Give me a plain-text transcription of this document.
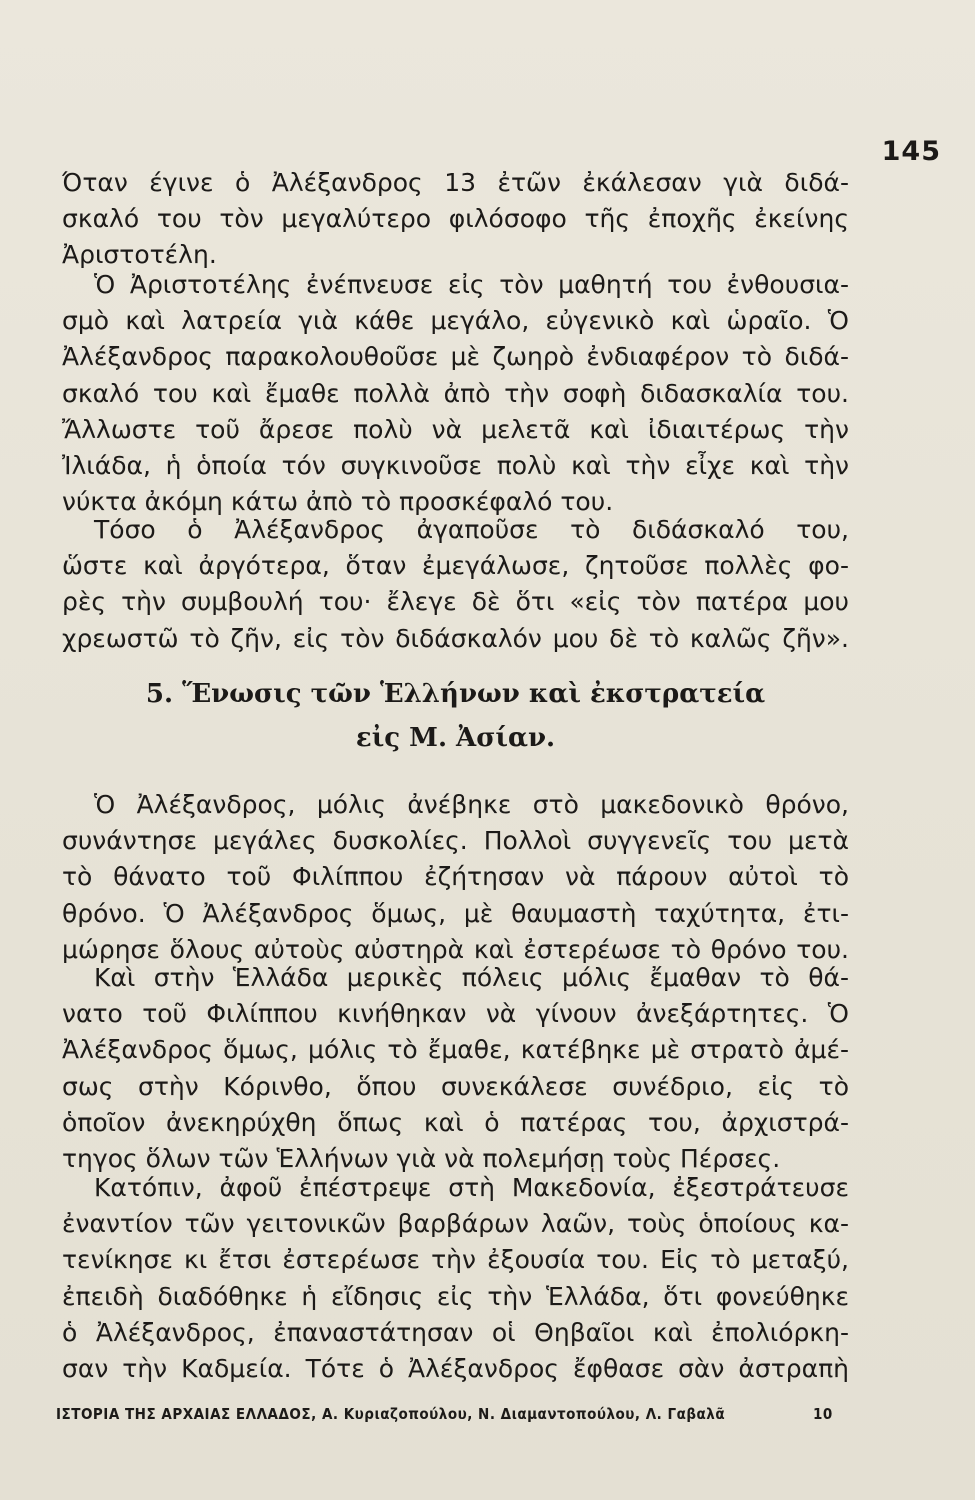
145
Όταν έγινε ὁ Ἀλέξανδρος 13 ἐτῶν ἐκάλεσαν γιὰ διδά-
σκαλό του τὸν μεγαλύτερο φιλόσοφο τῆς ἐποχῆς ἐκείνης
Ἀριστοτέλη.
Ὁ Ἀριστοτέλης ἐνέπνευσε εἰς τὸν μαθητή του ἐνθουσια-
σμὸ καὶ λατρεία γιὰ κάθε μεγάλο, εὐγενικὸ καὶ ὡραῖο. Ὁ
Ἀλέξανδρος παρακολουθοῦσε μὲ ζωηρὸ ἐνδιαφέρον τὸ διδά-
σκαλό του καὶ ἔμαθε πολλὰ ἀπὸ τὴν σοφὴ διδασκαλία του.
Ἄλλωστε τοῦ ἄρεσε πολὺ νὰ μελετᾶ καὶ ἰδιαιτέρως τὴν
Ἰλιάδα, ἡ ὁποία τόν συγκινοῦσε πολὺ καὶ τὴν εἶχε καὶ τὴν
νύκτα ἀκόμη κάτω ἀπὸ τὸ προσκέφαλό του.
Τόσο ὁ Ἀλέξανδρος ἀγαποῦσε τὸ διδάσκαλό του,
ὥστε καὶ ἀργότερα, ὅταν ἐμεγάλωσε, ζητοῦσε πολλὲς φο-
ρὲς τὴν συμβουλή του· ἔλεγε δὲ ὅτι «εἰς τὸν πατέρα μου
χρεωστῶ τὸ ζῆν, εἰς τὸν διδάσκαλόν μου δὲ τὸ καλῶς ζῆν».
5. Ἕνωσις τῶν Ἑλλήνων καὶ ἐκστρατεία
εἰς Μ. Ἀσίαν.
Ὁ Ἀλέξανδρος, μόλις ἀνέβηκε στὸ μακεδονικὸ θρόνο,
συνάντησε μεγάλες δυσκολίες. Πολλοὶ συγγενεῖς του μετὰ
τὸ θάνατο τοῦ Φιλίππου ἐζήτησαν νὰ πάρουν αὐτοὶ τὸ
θρόνο. Ὁ Ἀλέξανδρος ὅμως, μὲ θαυμαστὴ ταχύτητα, ἐτι-
μώρησε ὅλους αὐτοὺς αὐστηρὰ καὶ ἐστερέωσε τὸ θρόνο του.
Καὶ στὴν Ἑλλάδα μερικὲς πόλεις μόλις ἔμαθαν τὸ θά-
νατο τοῦ Φιλίππου κινήθηκαν νὰ γίνουν ἀνεξάρτητες. Ὁ
Ἀλέξανδρος ὅμως, μόλις τὸ ἔμαθε, κατέβηκε μὲ στρατὸ ἀμέ-
σως στὴν Κόρινθο, ὅπου συνεκάλεσε συνέδριο, εἰς τὸ
ὁποῖον ἀνεκηρύχθη ὅπως καὶ ὁ πατέρας του, ἀρχιστρά-
τηγος ὅλων τῶν Ἑλλήνων γιὰ νὰ πολεμήσῃ τοὺς Πέρσες.
Κατόπιν, ἀφοῦ ἐπέστρεψε στὴ Μακεδονία, ἐξεστράτευσε
ἐναντίον τῶν γειτονικῶν βαρβάρων λαῶν, τοὺς ὁποίους κα-
τενίκησε κι ἔτσι ἐστερέωσε τὴν ἐξουσία του. Εἰς τὸ μεταξύ,
ἐπειδὴ διαδόθηκε ἡ εἴδησις εἰς τὴν Ἑλλάδα, ὅτι φονεύθηκε
ὁ Ἀλέξανδρος, ἐπαναστάτησαν οἱ Θηβαῖοι καὶ ἐπολιόρκη-
σαν τὴν Καδμεία. Τότε ὁ Ἀλέξανδρος ἔφθασε σὰν ἀστραπὴ
ΙΣΤΟΡΙΑ ΤΗΣ ΑΡΧΑΙΑΣ ΕΛΛΑΔΟΣ, Α. Κυριαζοπούλου, Ν. Διαμαντοπούλου, Λ. Γαβαλᾶ	10
